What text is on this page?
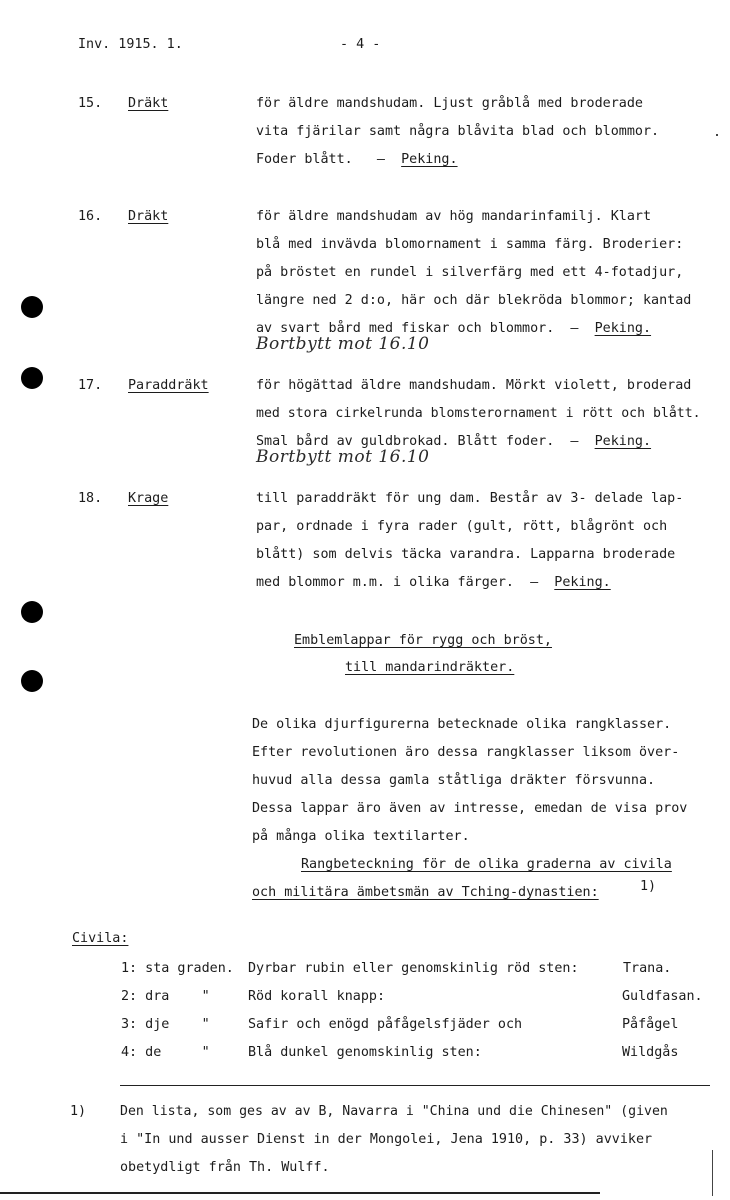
Inv. 1915. 1.	- 4 -
15. Dräkt	för äldre mandshudam. Ljust gråblå med broderade
vita fjärilar samt några blåvita blad och blommor.
Foder blått.   –  Peking.
16. Dräkt	för äldre mandshudam av hög mandarinfamilj. Klart
blå med invävda blomornament i samma färg. Broderier:
på bröstet en rundel i silverfärg med ett 4-fotadjur,
längre ned 2 d:o, här och där blekröda blommor; kantad
av svart bård med fiskar och blommor.  –  Peking.
Bortbytt mot 16.10
17. Paraddräkt	för högättad äldre mandshudam. Mörkt violett, broderad
med stora cirkelrunda blomsterornament i rött och blått.
Smal bård av guldbrokad. Blått foder.  –  Peking.
Bortbytt mot 16.10
18. Krage	till paraddräkt för ung dam. Består av 3- delade lap-
par, ordnade i fyra rader (gult, rött, blågrönt och
blått) som delvis täcka varandra. Lapparna broderade
med blommor m.m. i olika färger.  –  Peking.
Emblemlappar för rygg och bröst,
till mandarindräkter.
De olika djurfigurerna betecknade olika rangklasser.
Efter revolutionen äro dessa rangklasser liksom över-
huvud alla dessa gamla ståtliga dräkter försvunna.
Dessa lappar äro även av intresse, emedan de visa prov
på många olika textilarter.
Rangbeteckning för de olika graderna av civila
och militära ämbetsmän av Tching-dynastien:	1)
Civila:
1: sta graden. Dyrbar rubin eller genomskinlig röd sten:	Trana.
2: dra    "	Röd korall knapp:	Guldfasan.
3: dje    "	Safir och enögd påfågelsfjäder och	Påfågel
4: de     "	Blå dunkel genomskinlig sten:	Wildgås
1)	Den lista, som ges av av B, Navarra i "China und die Chinesen" (given
i "In und ausser Dienst in der Mongolei, Jena 1910, p. 33) avviker
obetydligt från Th. Wulff.
